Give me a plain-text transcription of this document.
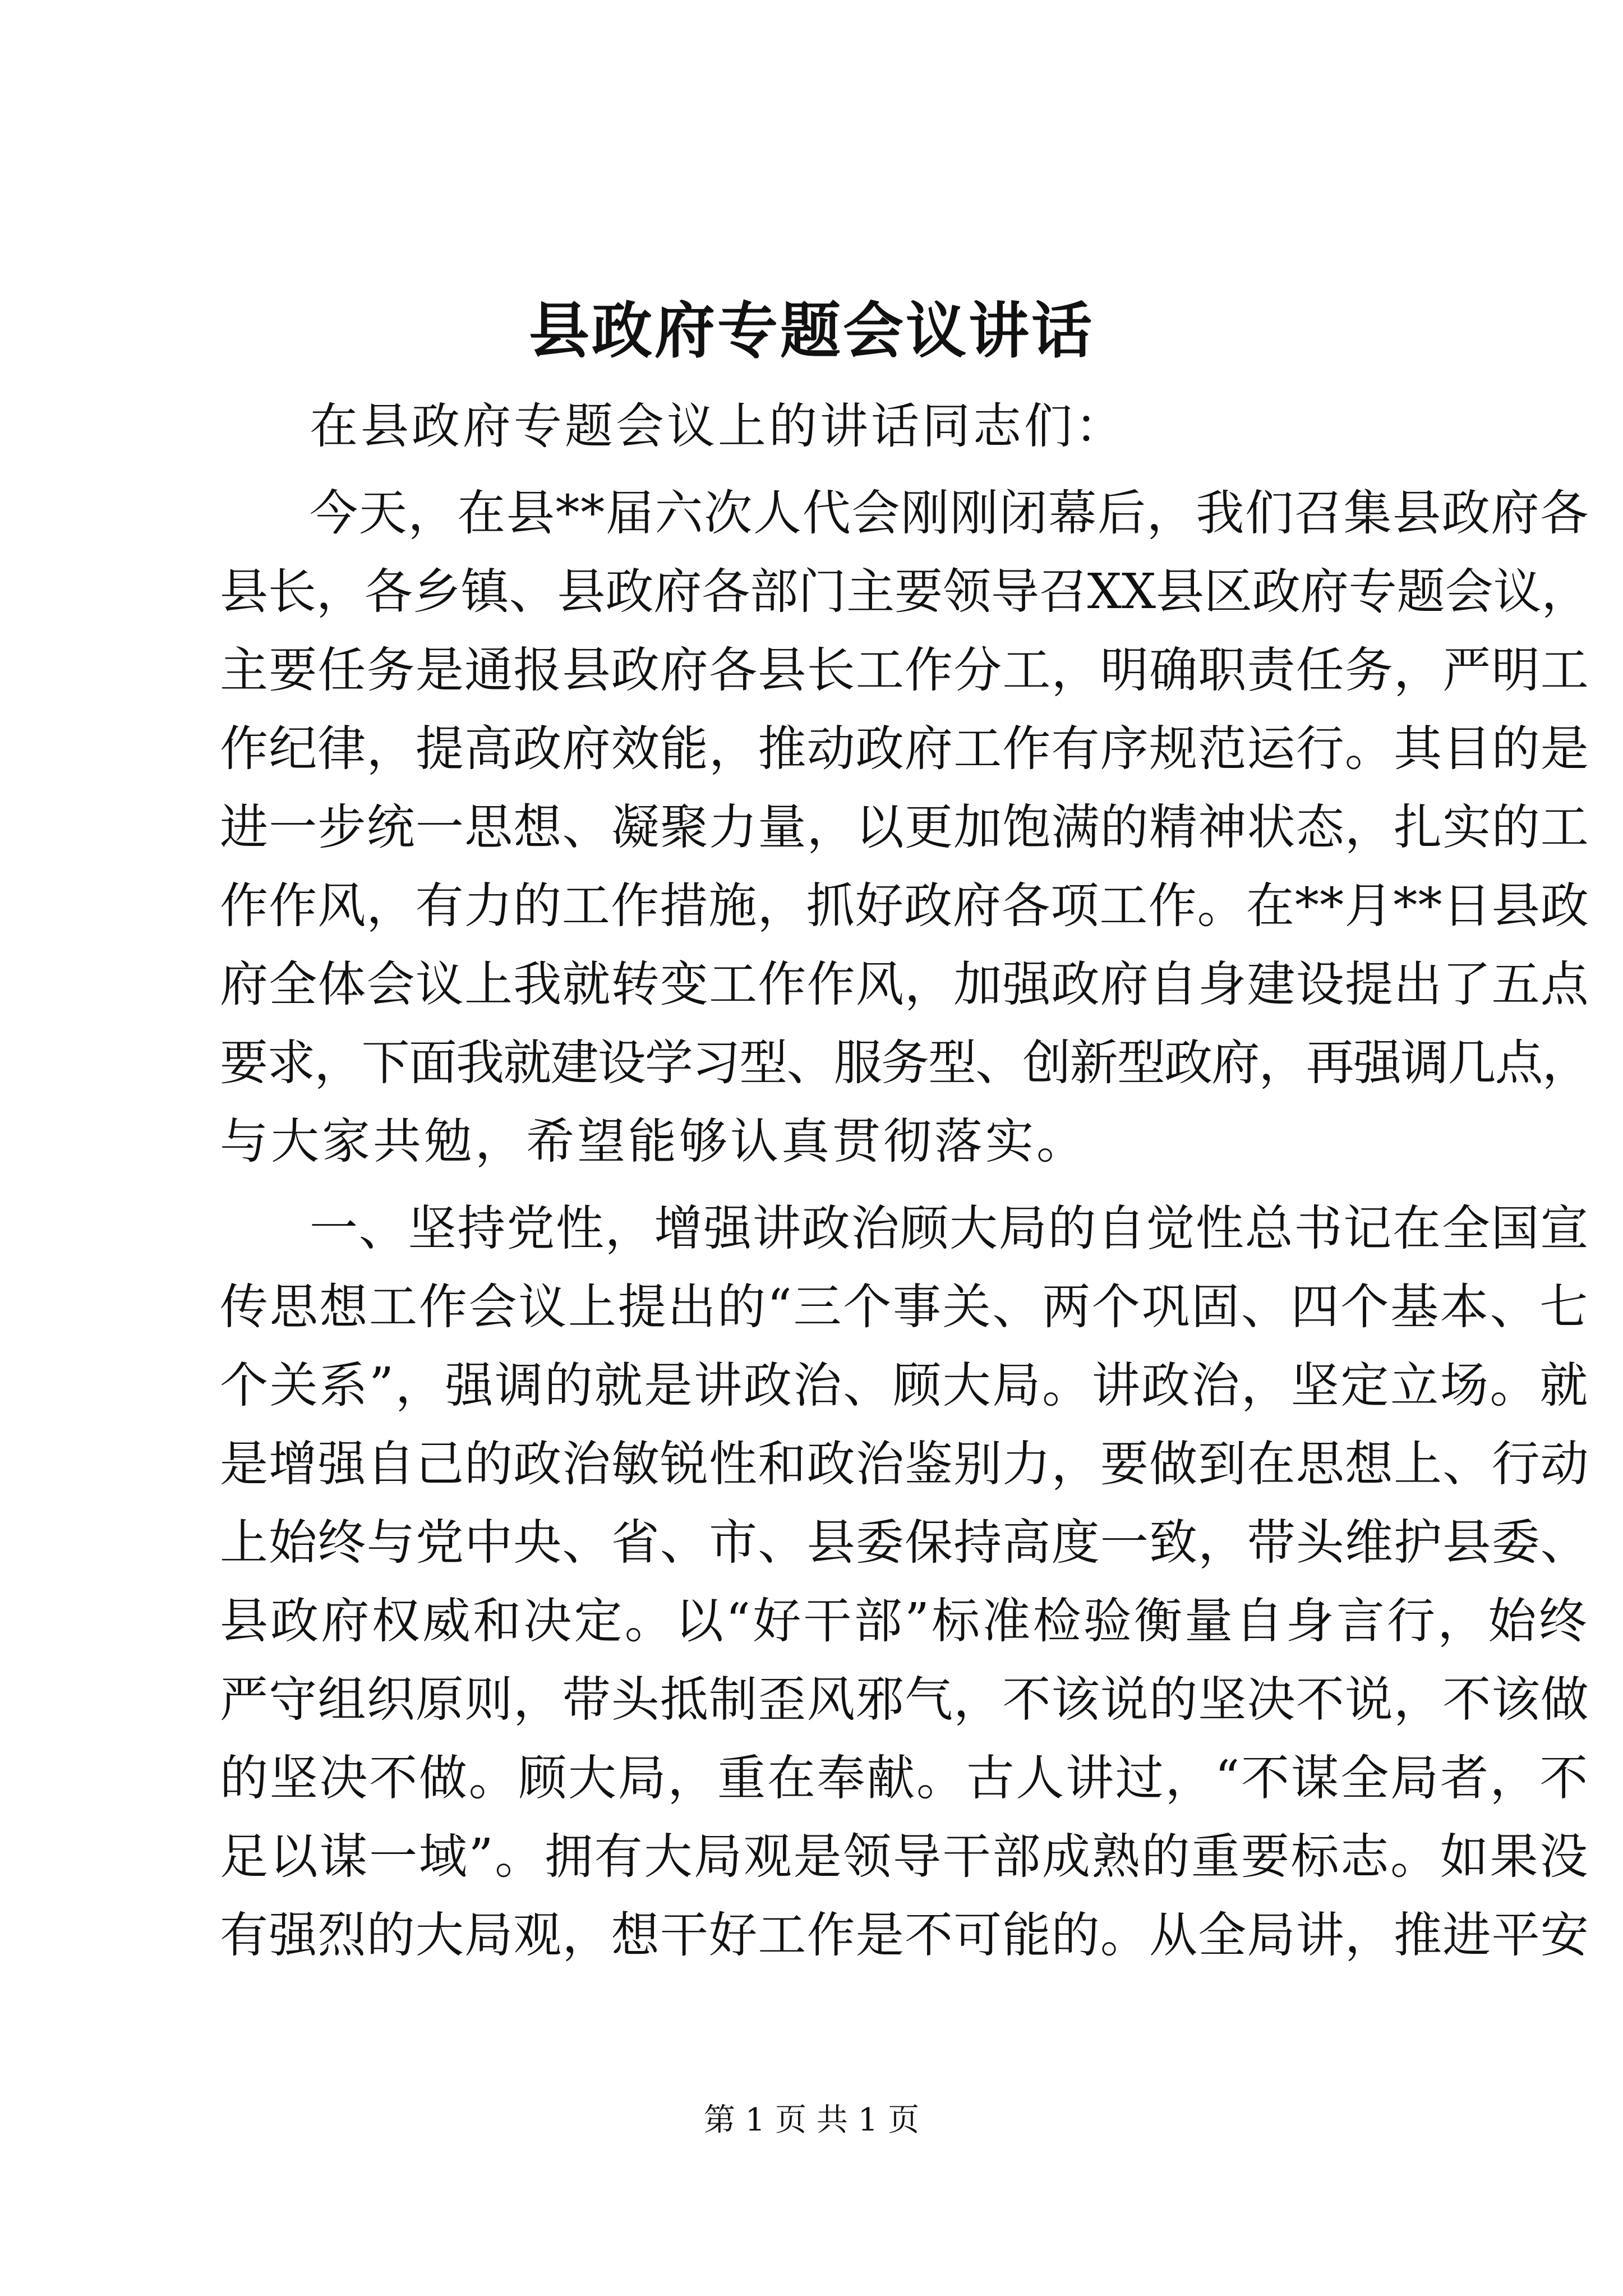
县政府专题会议讲话
在县政府专题会议上的讲话同志们：
今天，在县**届六次人代会刚刚闭幕后，我们召集县政府各
县长，各乡镇、县政府各部门主要领导召XX县区政府专题会议，
主要任务是通报县政府各县长工作分工，明确职责任务，严明工
作纪律，提高政府效能，推动政府工作有序规范运行。其目的是
进一步统一思想、凝聚力量，以更加饱满的精神状态，扎实的工
作作风，有力的工作措施，抓好政府各项工作。在**月**日县政
府全体会议上我就转变工作作风，加强政府自身建设提出了五点
要求，下面我就建设学习型、服务型、创新型政府，再强调几点，
与大家共勉，希望能够认真贯彻落实。
一、坚持党性，增强讲政治顾大局的自觉性总书记在全国宣
传思想工作会议上提出的“三个事关、两个巩固、四个基本、七
个关系”，强调的就是讲政治、顾大局。讲政治，坚定立场。就
是增强自己的政治敏锐性和政治鉴别力，要做到在思想上、行动
上始终与党中央、省、市、县委保持高度一致，带头维护县委、
县政府权威和决定。以“好干部”标准检验衡量自身言行，始终
严守组织原则，带头抵制歪风邪气，不该说的坚决不说，不该做
的坚决不做。顾大局，重在奉献。古人讲过，“不谋全局者，不
足以谋一域”。拥有大局观是领导干部成熟的重要标志。如果没
有强烈的大局观，想干好工作是不可能的。从全局讲，推进平安
第 1 页 共 1 页
